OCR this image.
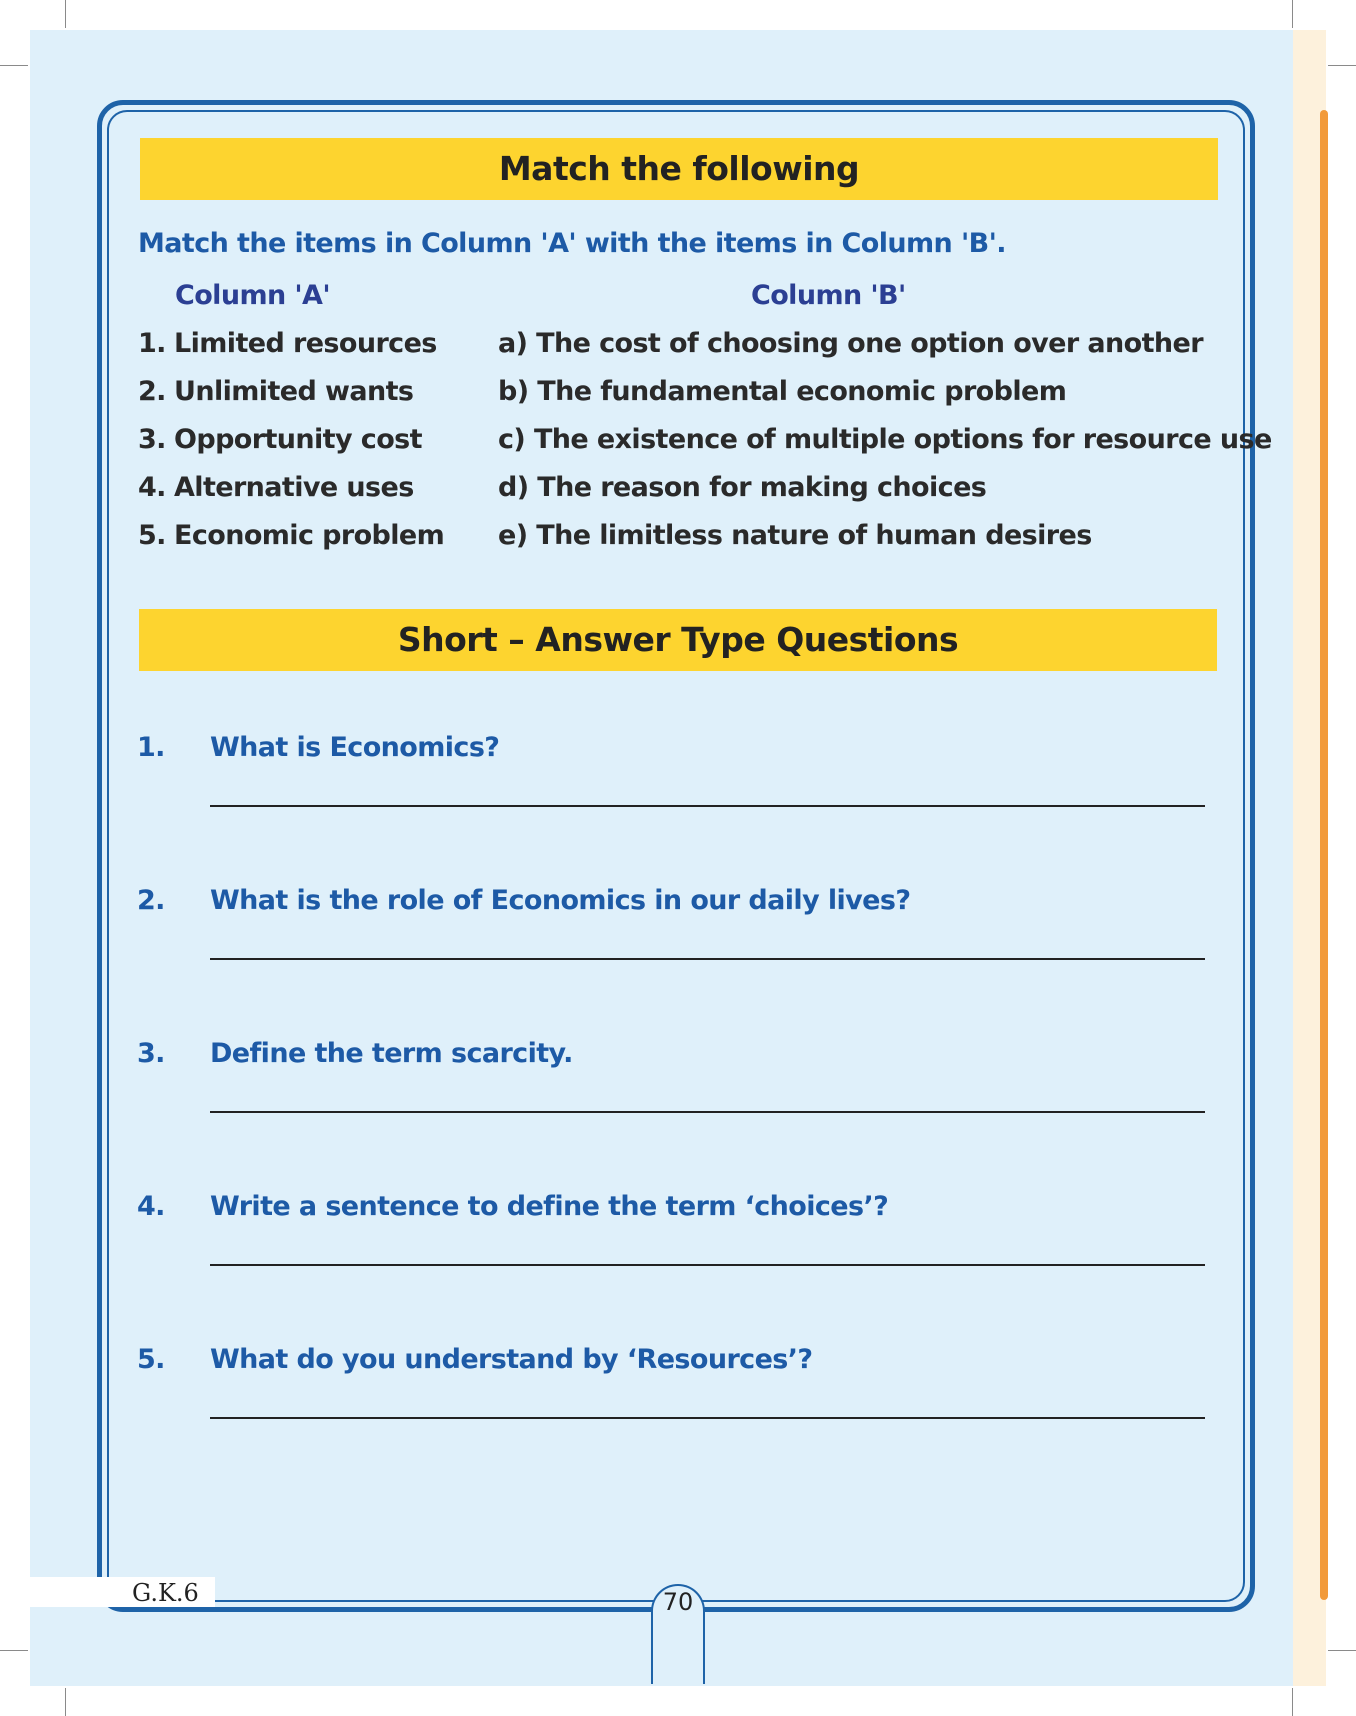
Match the following
Match the items in Column 'A' with the items in Column 'B'.
Column 'A'	Column 'B'
1. Limited resources a) The cost of choosing one option over another
2. Unlimited wants	b) The fundamental economic problem
3. Opportunity cost	c) The existence of multiple options for resource use
4. Alternative uses	d) The reason for making choices
5. Economic problem e) The limitless nature of human desires
Short – Answer Type Questions
1. What is Economics?
2. What is the role of Economics in our daily lives?
3. Define the term scarcity.
4. Write a sentence to define the term ‘choices’?
5. What do you understand by ‘Resources’?
G.K.6	70
